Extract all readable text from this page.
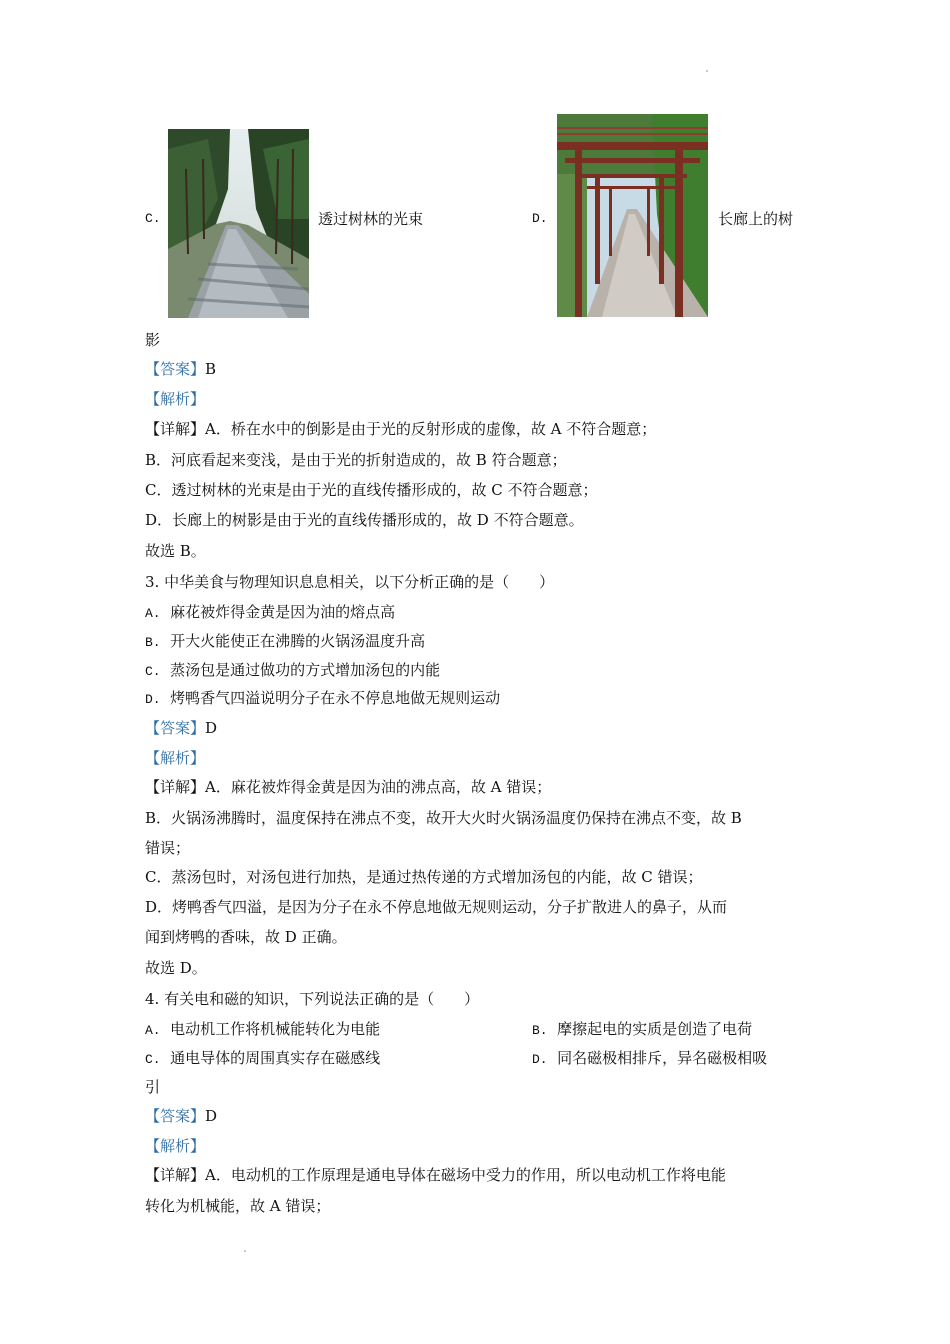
C.	透过树林的光束	D.	长廊上的树
影
【答案】B
【解析】
【详解】A．桥在水中的倒影是由于光的反射形成的虚像，故 A 不符合题意；
B．河底看起来变浅，是由于光的折射造成的，故 B 符合题意；
C．透过树林的光束是由于光的直线传播形成的，故 C 不符合题意；
D．长廊上的树影是由于光的直线传播形成的，故 D 不符合题意。
故选 B。
3. 中华美食与物理知识息息相关，以下分析正确的是（　　）
A. 麻花被炸得金黄是因为油的熔点高
B. 开大火能使正在沸腾的火锅汤温度升高
C. 蒸汤包是通过做功的方式增加汤包的内能
D. 烤鸭香气四溢说明分子在永不停息地做无规则运动
【答案】D
【解析】
【详解】A．麻花被炸得金黄是因为油的沸点高，故 A 错误；
B．火锅汤沸腾时，温度保持在沸点不变，故开大火时火锅汤温度仍保持在沸点不变，故 B
错误；
C．蒸汤包时，对汤包进行加热，是通过热传递的方式增加汤包的内能，故 C 错误；
D．烤鸭香气四溢，是因为分子在永不停息地做无规则运动，分子扩散进人的鼻子，从而
闻到烤鸭的香味，故 D 正确。
故选 D。
4. 有关电和磁的知识，下列说法正确的是（　　）
A. 电动机工作将机械能转化为电能	B. 摩擦起电的实质是创造了电荷
C. 通电导体的周围真实存在磁感线	D. 同名磁极相排斥，异名磁极相吸
引
【答案】D
【解析】
【详解】A．电动机的工作原理是通电导体在磁场中受力的作用，所以电动机工作将电能
转化为机械能，故 A 错误；
